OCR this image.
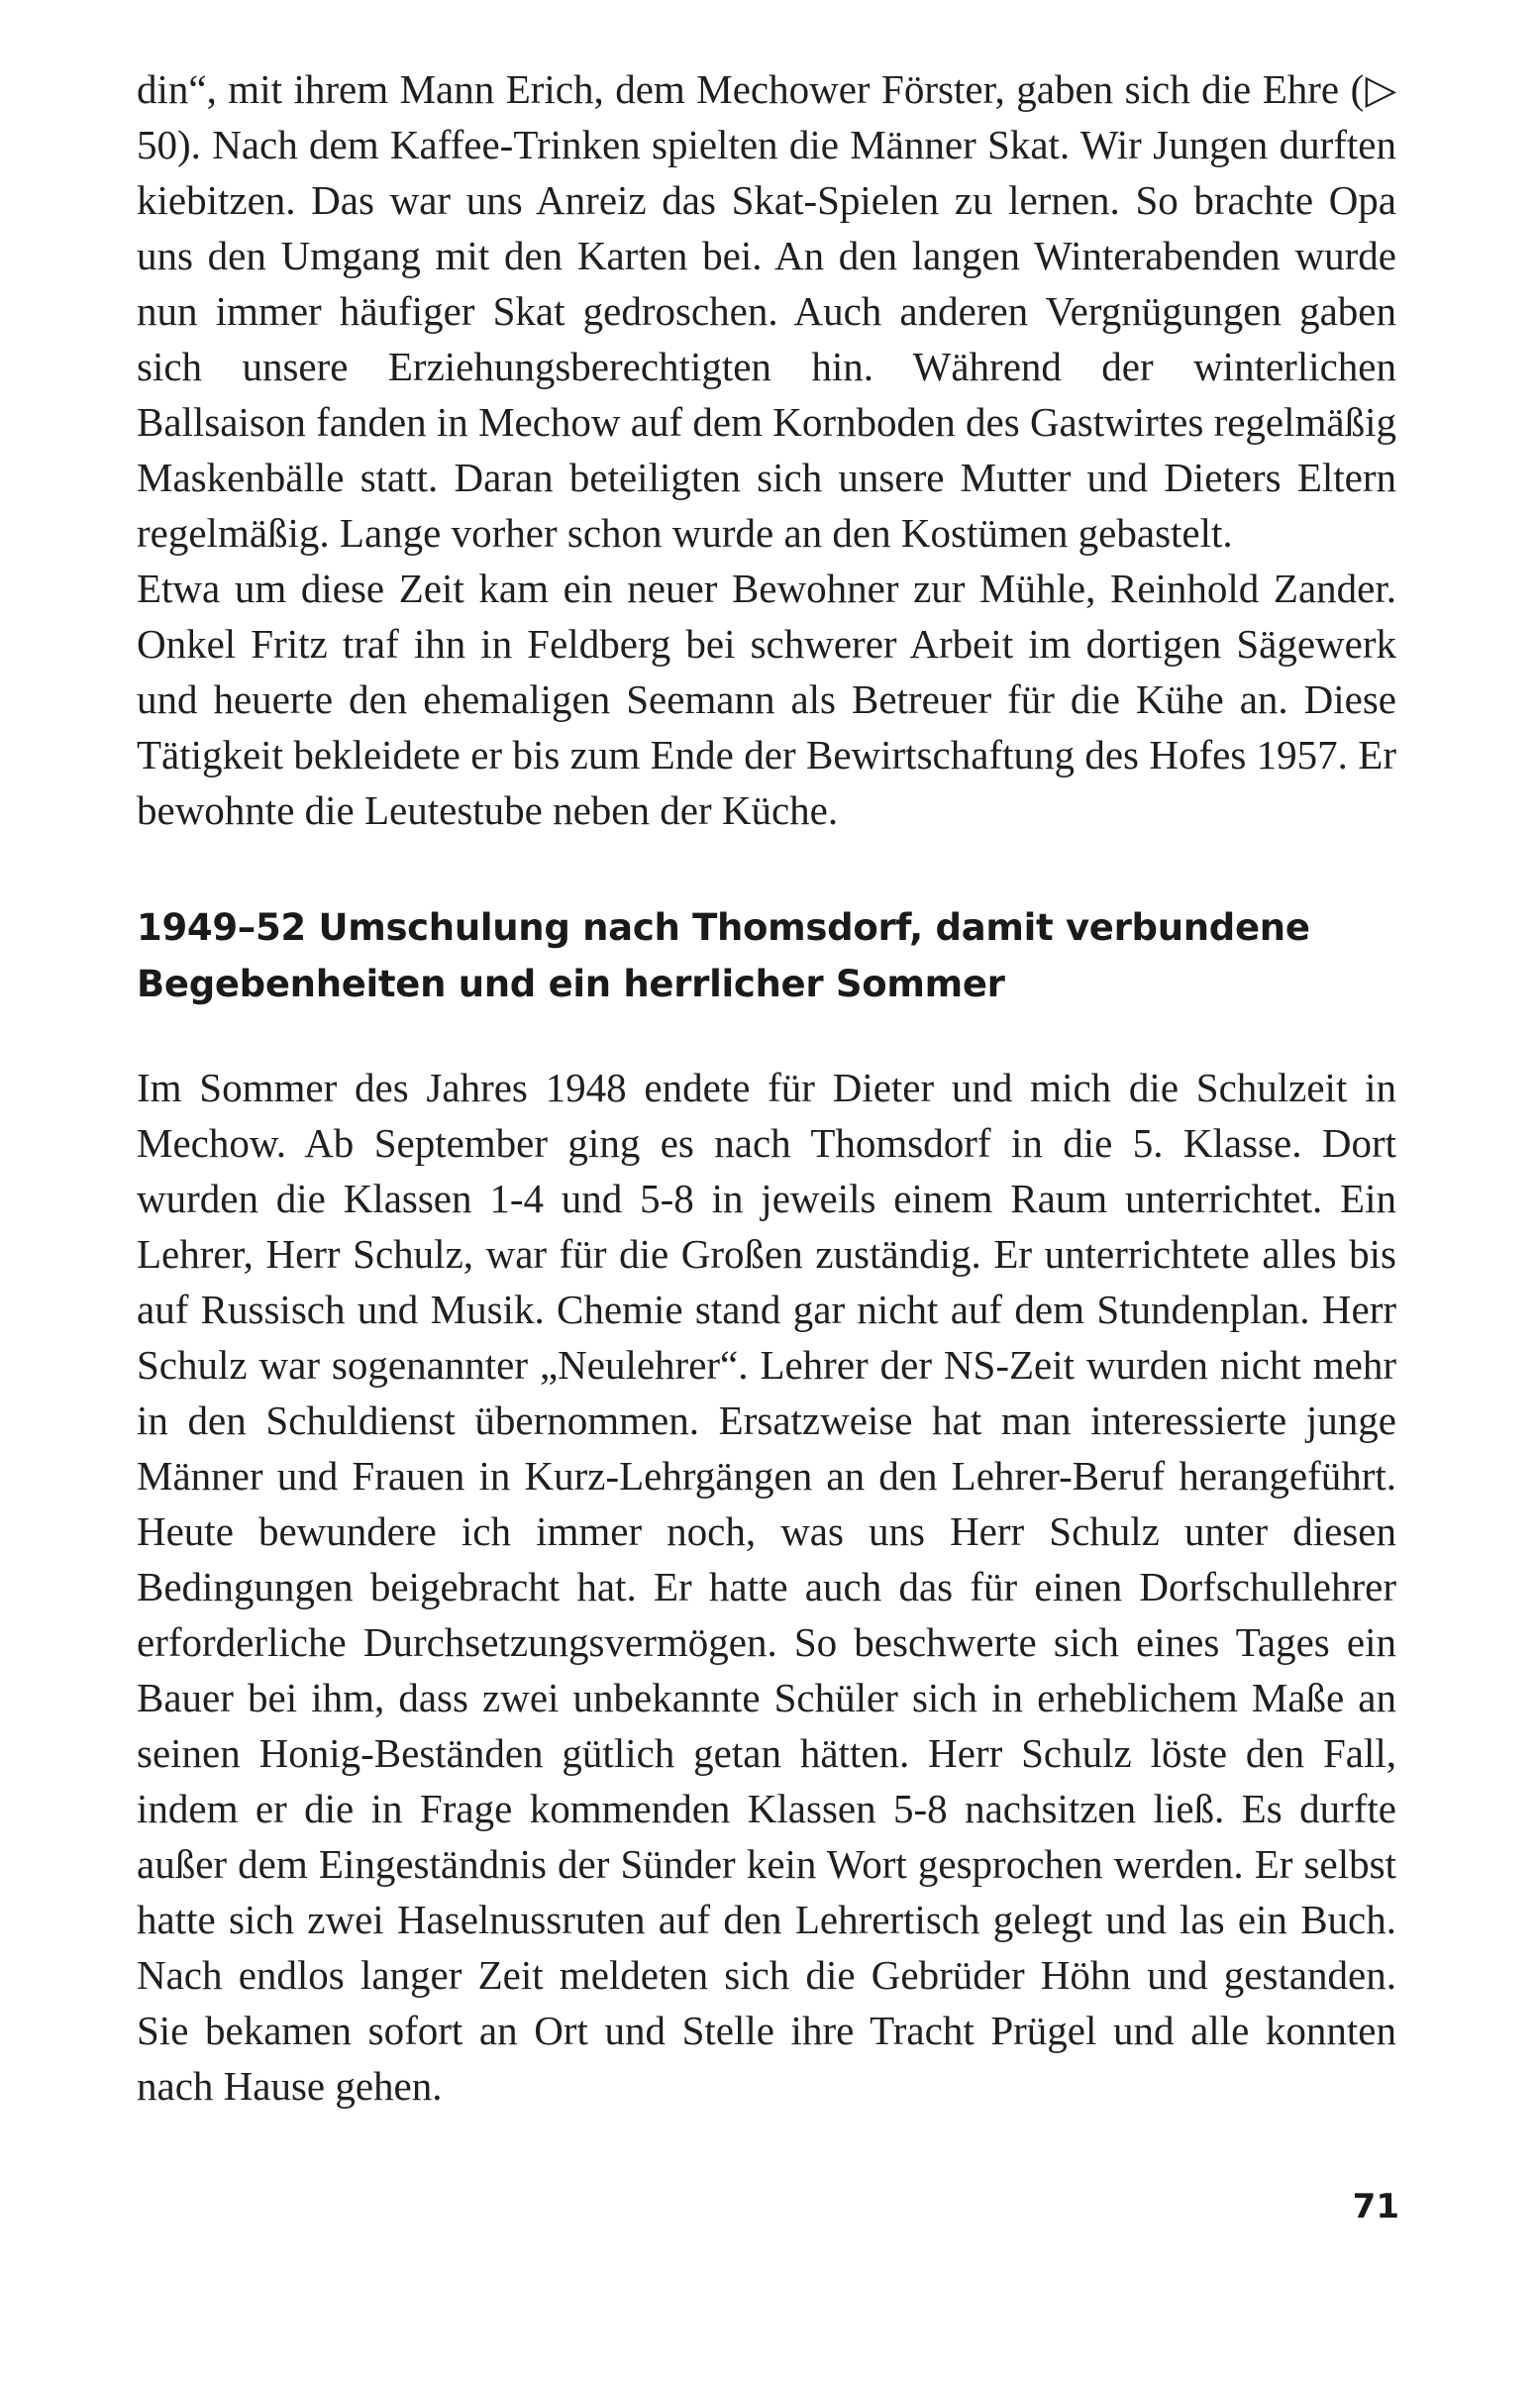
din“, mit ihrem Mann Erich, dem Mechower Förster, gaben sich die Ehre (▷ 50). Nach dem Kaffee-Trinken spielten die Männer Skat. Wir Jungen durften kiebitzen. Das war uns Anreiz das Skat-Spielen zu lernen. So brachte Opa uns den Umgang mit den Karten bei. An den langen Winterabenden wurde nun immer häufiger Skat gedroschen. Auch anderen Vergnügungen gaben sich unsere Erziehungsberechtigten hin. Während der winterlichen Ballsaison fanden in Mechow auf dem Kornboden des Gastwirtes regelmäßig Maskenbälle statt. Daran beteiligten sich unsere Mutter und Dieters Eltern regelmäßig. Lange vorher schon wurde an den Kostümen gebastelt.

Etwa um diese Zeit kam ein neuer Bewohner zur Mühle, Reinhold Zander. Onkel Fritz traf ihn in Feldberg bei schwerer Arbeit im dortigen Sägewerk und heuerte den ehemaligen Seemann als Betreuer für die Kühe an. Diese Tätigkeit bekleidete er bis zum Ende der Bewirtschaftung des Hofes 1957. Er bewohnte die Leutestube neben der Küche.

1949–52 Umschulung nach Thomsdorf, damit verbundene
Begebenheiten und ein herrlicher Sommer

Im Sommer des Jahres 1948 endete für Dieter und mich die Schulzeit in Mechow. Ab September ging es nach Thomsdorf in die 5. Klasse. Dort wurden die Klassen 1-4 und 5-8 in jeweils einem Raum unterrichtet. Ein Lehrer, Herr Schulz, war für die Großen zuständig. Er unterrichtete alles bis auf Russisch und Musik. Chemie stand gar nicht auf dem Stundenplan. Herr Schulz war sogenannter „Neulehrer“. Lehrer der NS-Zeit wurden nicht mehr in den Schuldienst übernommen. Ersatzweise hat man interessierte junge Männer und Frauen in Kurz-Lehrgängen an den Lehrer-Beruf herangeführt. Heute bewundere ich immer noch, was uns Herr Schulz unter diesen Bedingungen beigebracht hat. Er hatte auch das für einen Dorfschullehrer erforderliche Durchsetzungsvermögen. So beschwerte sich eines Tages ein Bauer bei ihm, dass zwei unbekannte Schüler sich in erheblichem Maße an seinen Honig-Beständen gütlich getan hätten. Herr Schulz löste den Fall, indem er die in Frage kommenden Klassen 5-8 nachsitzen ließ. Es durfte außer dem Eingeständnis der Sünder kein Wort gesprochen werden. Er selbst hatte sich zwei Haselnussruten auf den Lehrertisch gelegt und las ein Buch. Nach endlos langer Zeit meldeten sich die Gebrüder Höhn und gestanden. Sie bekamen sofort an Ort und Stelle ihre Tracht Prügel und alle konnten nach Hause gehen.

71
